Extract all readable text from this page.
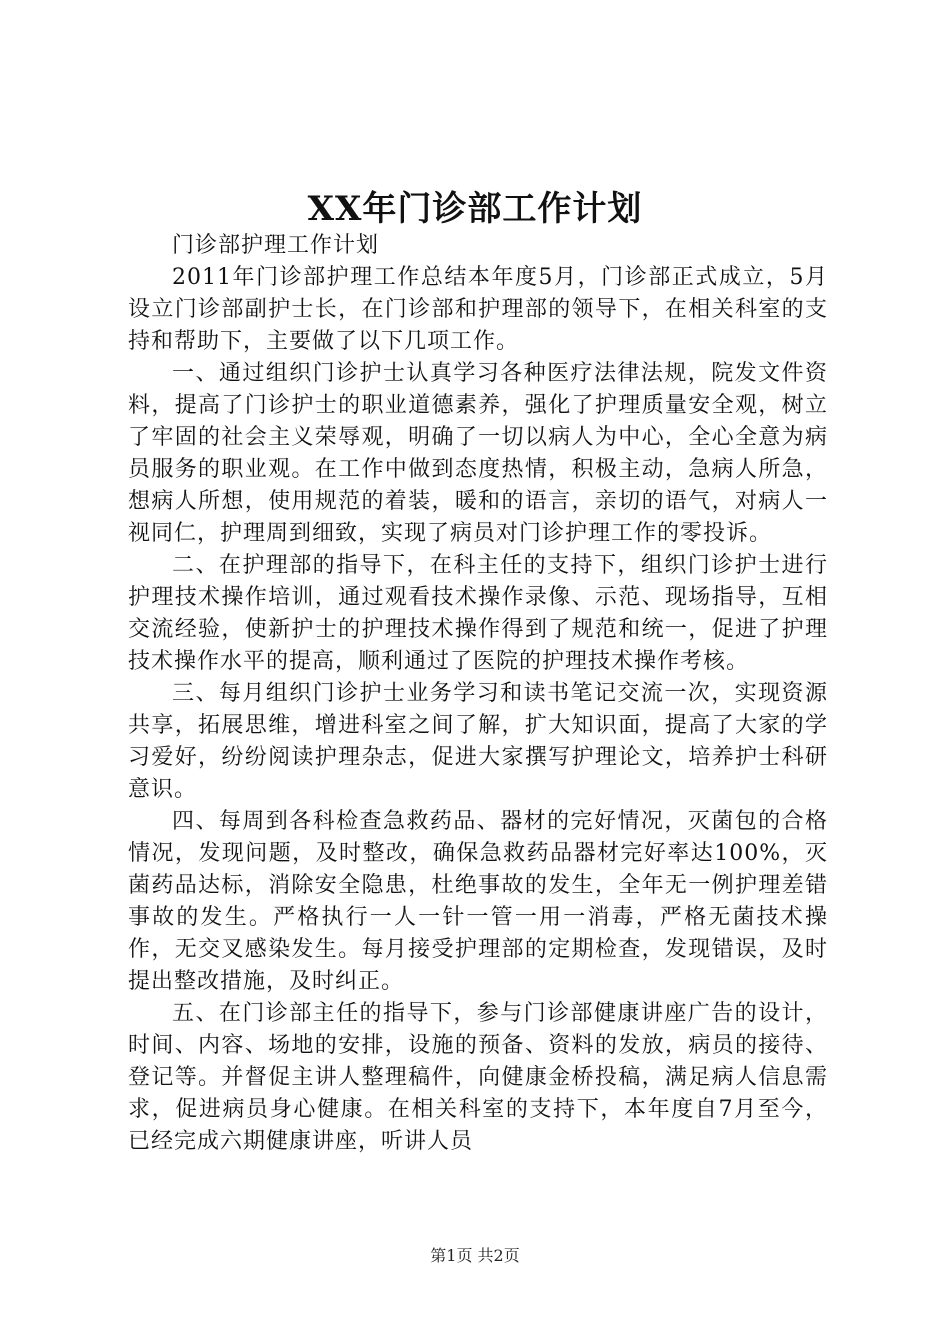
XX年门诊部工作计划

门诊部护理工作计划

2011年门诊部护理工作总结本年度5月，门诊部正式成立，5月设立门诊部副护士长，在门诊部和护理部的领导下，在相关科室的支持和帮助下，主要做了以下几项工作。

一、通过组织门诊护士认真学习各种医疗法律法规，院发文件资料，提高了门诊护士的职业道德素养，强化了护理质量安全观，树立了牢固的社会主义荣辱观，明确了一切以病人为中心，全心全意为病员服务的职业观。在工作中做到态度热情，积极主动，急病人所急，想病人所想，使用规范的着装，暖和的语言，亲切的语气，对病人一视同仁，护理周到细致，实现了病员对门诊护理工作的零投诉。

二、在护理部的指导下，在科主任的支持下，组织门诊护士进行护理技术操作培训，通过观看技术操作录像、示范、现场指导，互相交流经验，使新护士的护理技术操作得到了规范和统一，促进了护理技术操作水平的提高，顺利通过了医院的护理技术操作考核。

三、每月组织门诊护士业务学习和读书笔记交流一次，实现资源共享，拓展思维，增进科室之间了解，扩大知识面，提高了大家的学习爱好，纷纷阅读护理杂志，促进大家撰写护理论文，培养护士科研意识。

四、每周到各科检查急救药品、器材的完好情况，灭菌包的合格情况，发现问题，及时整改，确保急救药品器材完好率达100%，灭菌药品达标，消除安全隐患，杜绝事故的发生，全年无一例护理差错事故的发生。严格执行一人一针一管一用一消毒，严格无菌技术操作，无交叉感染发生。每月接受护理部的定期检查，发现错误，及时提出整改措施，及时纠正。

五、在门诊部主任的指导下，参与门诊部健康讲座广告的设计，时间、内容、场地的安排，设施的预备、资料的发放，病员的接待、登记等。并督促主讲人整理稿件，向健康金桥投稿，满足病人信息需求，促进病员身心健康。在相关科室的支持下，本年度自7月至今，已经完成六期健康讲座，听讲人员

第1页 共2页
